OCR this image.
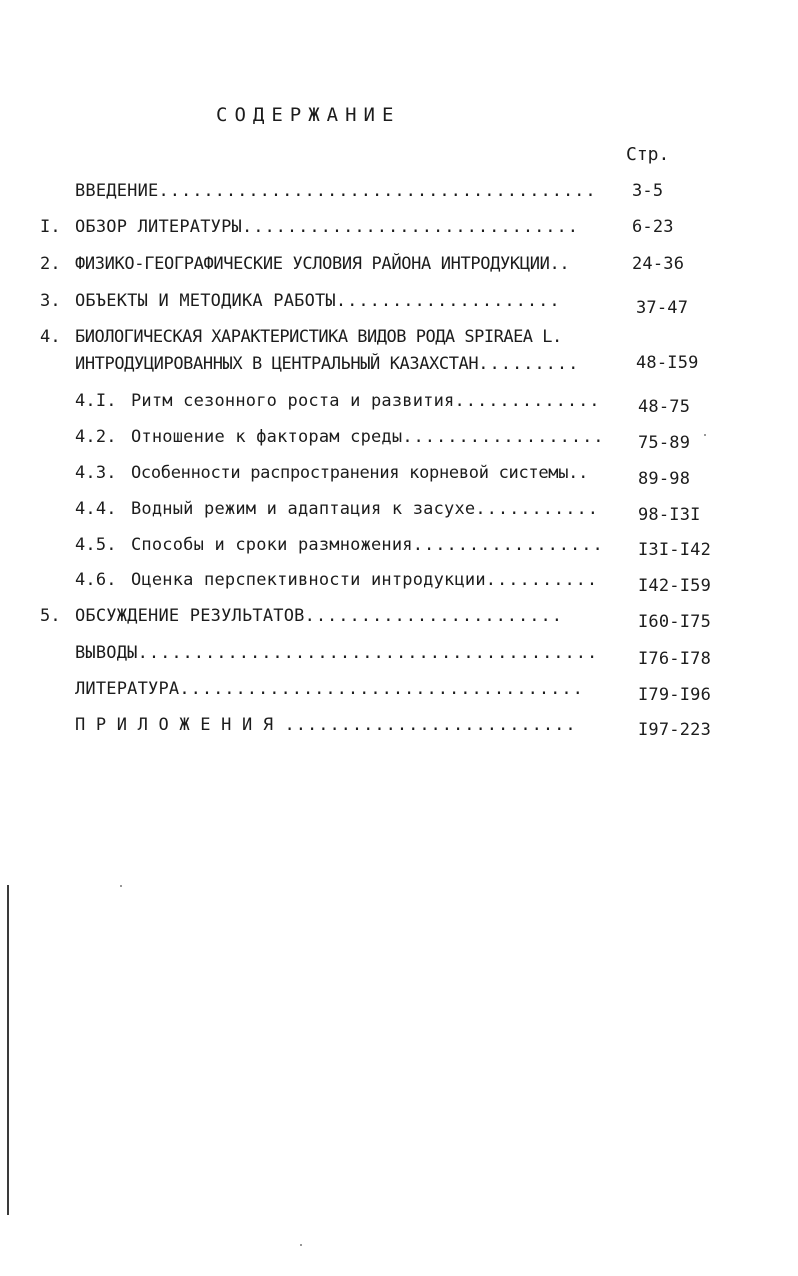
СОДЕРЖАНИЕ
Стр.
ВВЕДЕНИЕ....................................... 3-5
I. ОБЗОР ЛИТЕРАТУРЫ..............................	6-23
2. ФИЗИКО-ГЕОГРАФИЧЕСКИЕ УСЛОВИЯ РАЙОНА ИНТРОДУКЦИИ..	24-36
3. ОБЪЕКТЫ И МЕТОДИКА РАБОТЫ....................	37-47
4. БИОЛОГИЧЕСКАЯ ХАРАКТЕРИСТИКА ВИДОВ РОДА SPIRAEA L.
ИНТРОДУЦИРОВАННЫХ В ЦЕНТРАЛЬНЫЙ КАЗАХСТАН.........	48-I59
4.I. Ритм сезонного роста и развития............. 48-75
4.2. Отношение к факторам среды.................. 75-89
4.3. Особенности распространения корневой системы..	89-98
4.4. Водный режим и адаптация к засухе........... 98-I3I
4.5. Способы и сроки размножения................. I3I-I42
4.6. Оценка перспективности интродукции.......... I42-I59
5. ОБСУЖДЕНИЕ РЕЗУЛЬТАТОВ.......................	I60-I75
ВЫВОДЫ......................................... I76-I78
ЛИТЕРАТУРА....................................	I79-I96
П Р И Л О Ж Е Н И Я ..........................	I97-223
